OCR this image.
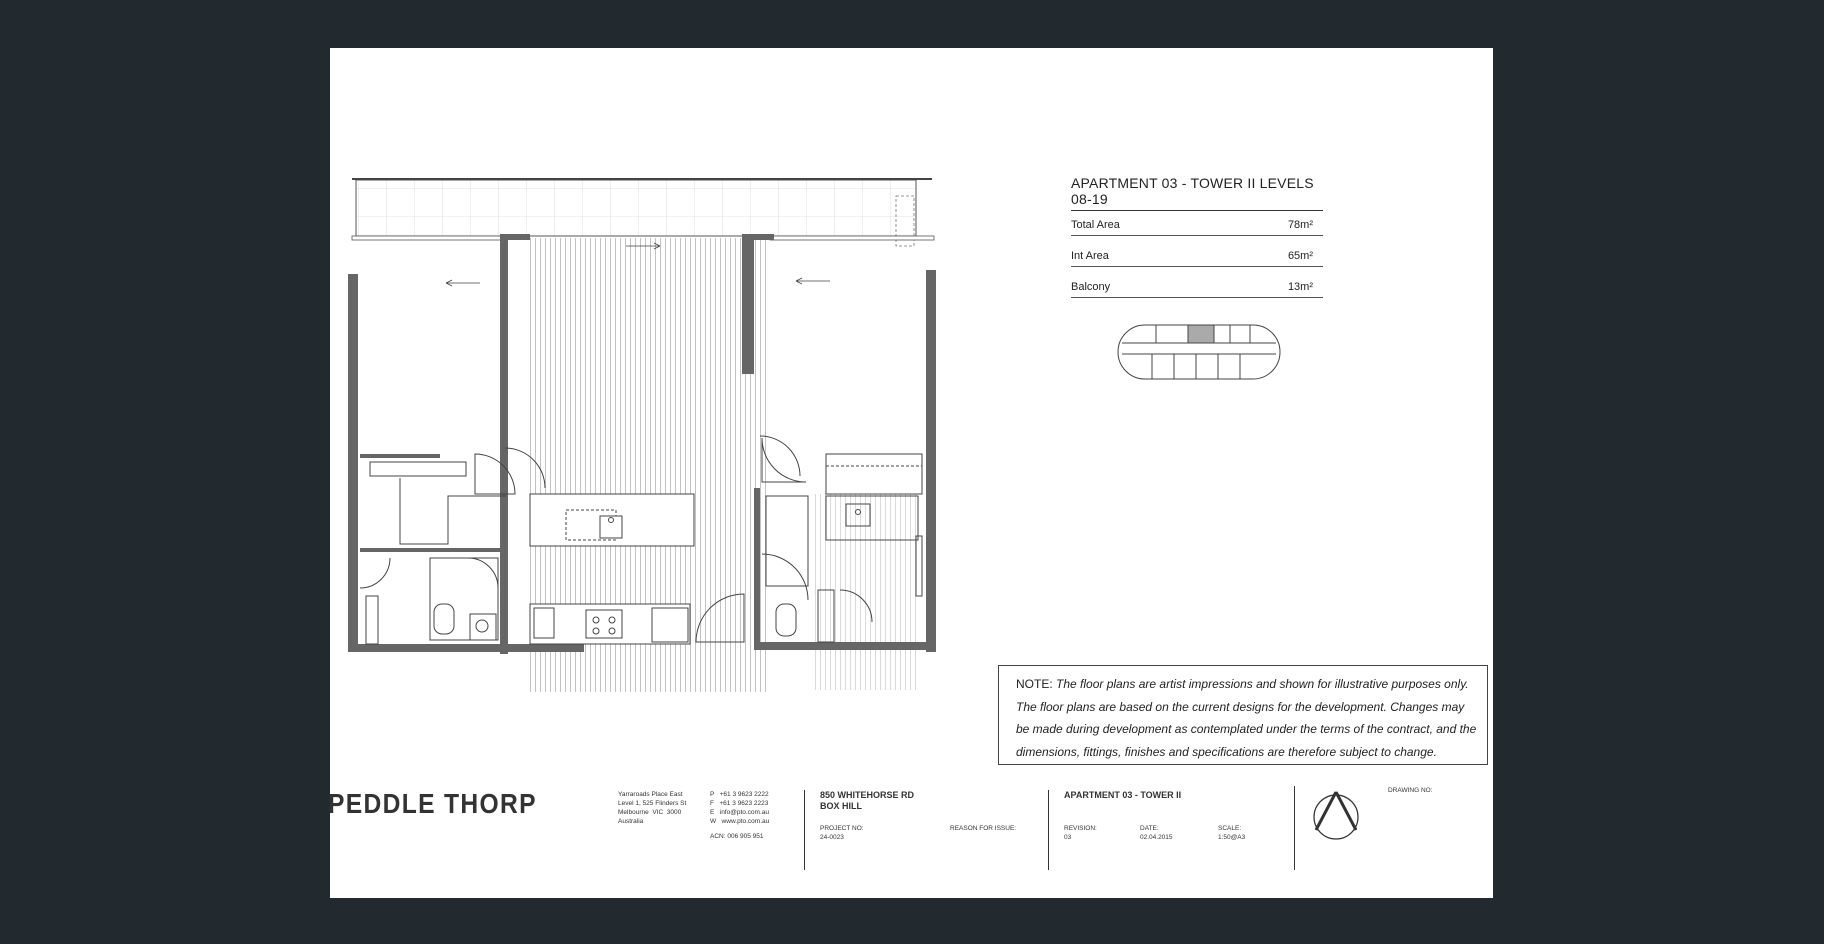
APARTMENT 03 - TOWER II LEVELS 08-19
Total Area	78m²
Int Area	65m²
Balcony	13m²
NOTE: The floor plans are artist impressions and shown for illustrative purposes only. The floor plans are based on the current designs for the development. Changes may be made during development as contemplated under the terms of the contract, and the dimensions, fittings, finishes and specifications are therefore subject to change.
PEDDLE THORP	Yarraroads Place East
Level 1, 525 Flinders St
Melbourne  VIC  3000
Australia
P   +61 3 9623 2222
F   +61 3 9623 2223
E   info@pto.com.au
W   www.pto.com.au
ACN: 006 905 951
850 WHITEHORSE RD
BOX HILL
PROJECT NO:
24-0023
REASON FOR ISSUE:
APARTMENT 03 - TOWER II
REVISION:
03
DATE:
02.04.2015
SCALE:
1:50@A3
DRAWING NO:
